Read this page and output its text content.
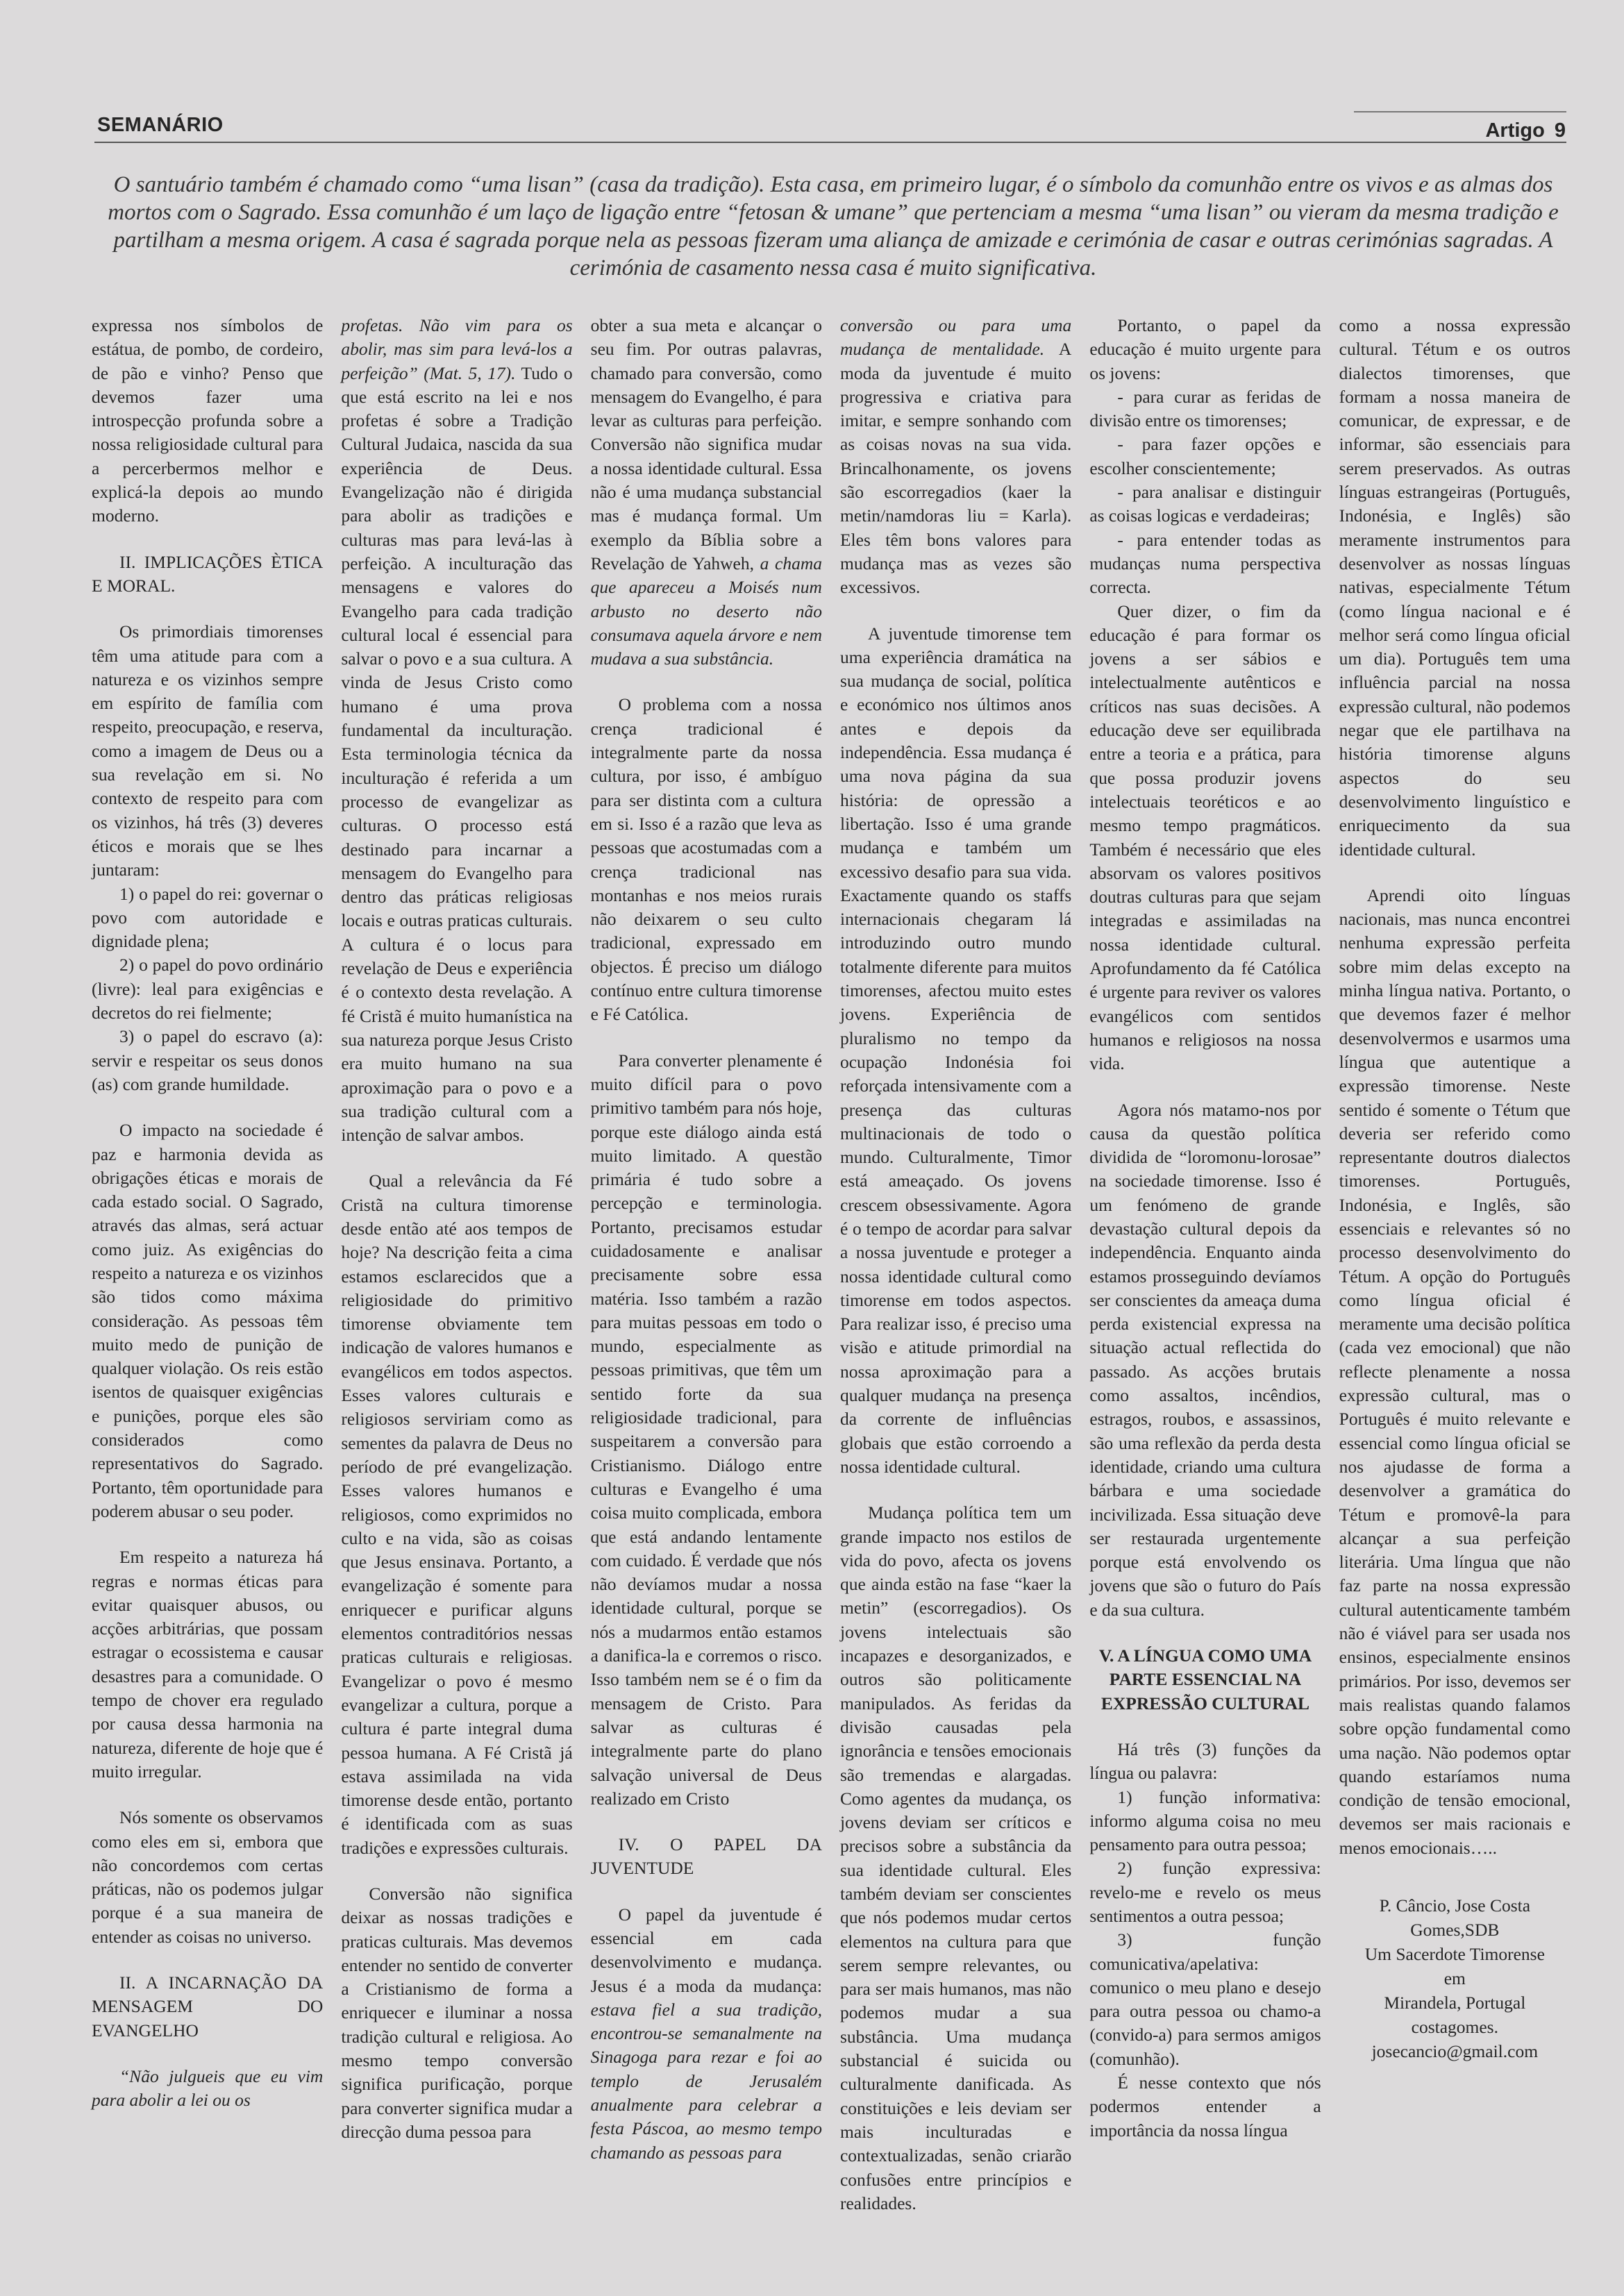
SEMANÁRIO	Artigo 9
O santuário também é chamado como “uma lisan” (casa da tradição). Esta casa, em primeiro lugar, é o símbolo da comunhão entre os vivos e as almas dos mortos com o Sagrado. Essa comunhão é um laço de ligação entre “fetosan & umane” que pertenciam a mesma “uma lisan” ou vieram da mesma tradição e partilham a mesma origem. A casa é sagrada porque nela as pessoas fizeram uma aliança de amizade e cerimónia de casar e outras cerimónias sagradas. A cerimónia de casamento nessa casa é muito significativa.

expressa nos símbolos de estátua, de pombo, de cordeiro, de pão e vinho? Penso que devemos fazer uma introspecção profunda sobre a nossa religiosidade cultural para a percerbermos melhor e explicá-la depois ao mundo moderno.

II. IMPLICAÇÕES ÈTICA E MORAL.

Os primordiais timorenses têm uma atitude para com a natureza e os vizinhos sempre em espírito de família com respeito, preocupação, e reserva, como a imagem de Deus ou a sua revelação em si. No contexto de respeito para com os vizinhos, há três (3) deveres éticos e morais que se lhes juntaram:

1) o papel do rei: governar o povo com autoridade e dignidade plena;

2) o papel do povo ordinário (livre): leal para exigências e decretos do rei fielmente;

3) o papel do escravo (a): servir e respeitar os seus donos (as) com grande humildade.

O impacto na sociedade é paz e harmonia devida as obrigações éticas e morais de cada estado social. O Sagrado, através das almas, será actuar como juiz. As exigências do respeito a natureza e os vizinhos são tidos como máxima consideração. As pessoas têm muito medo de punição de qualquer violação. Os reis estão isentos de quaisquer exigências e punições, porque eles são considerados como representativos do Sagrado. Portanto, têm oportunidade para poderem abusar o seu poder.

Em respeito a natureza há regras e normas éticas para evitar quaisquer abusos, ou acções arbitrárias, que possam estragar o ecossistema e causar desastres para a comunidade. O tempo de chover era regulado por causa dessa harmonia na natureza, diferente de hoje que é muito irregular.

Nós somente os observamos como eles em si, embora que não concordemos com certas práticas, não os podemos julgar porque é a sua maneira de entender as coisas no universo.

II. A INCARNAÇÃO DA MENSAGEM DO EVANGELHO

“Não julgueis que eu vim para abolir a lei ou os

profetas. Não vim para os abolir, mas sim para levá-los a perfeição” (Mat. 5, 17). Tudo o que está escrito na lei e nos profetas é sobre a Tradição Cultural Judaica, nascida da sua experiência de Deus. Evangelização não é dirigida para abolir as tradições e culturas mas para levá-las à perfeição. A inculturação das mensagens e valores do Evangelho para cada tradição cultural local é essencial para salvar o povo e a sua cultura. A vinda de Jesus Cristo como humano é uma prova fundamental da inculturação. Esta terminologia técnica da inculturação é referida a um processo de evangelizar as culturas. O processo está destinado para incarnar a mensagem do Evangelho para dentro das práticas religiosas locais e outras praticas culturais. A cultura é o locus para revelação de Deus e experiência é o contexto desta revelação. A fé Cristã é muito humanística na sua natureza porque Jesus Cristo era muito humano na sua aproximação para o povo e a sua tradição cultural com a intenção de salvar ambos.

Qual a relevância da Fé Cristã na cultura timorense desde então até aos tempos de hoje? Na descrição feita a cima estamos esclarecidos que a religiosidade do primitivo timorense obviamente tem indicação de valores humanos e evangélicos em todos aspectos. Esses valores culturais e religiosos serviriam como as sementes da palavra de Deus no período de pré evangelização. Esses valores humanos e religiosos, como exprimidos no culto e na vida, são as coisas que Jesus ensinava. Portanto, a evangelização é somente para enriquecer e purificar alguns elementos contraditórios nessas praticas culturais e religiosas. Evangelizar o povo é mesmo evangelizar a cultura, porque a cultura é parte integral duma pessoa humana. A Fé Cristã já estava assimilada na vida timorense desde então, portanto é identificada com as suas tradições e expressões culturais.

Conversão não significa deixar as nossas tradições e praticas culturais. Mas devemos entender no sentido de converter a Cristianismo de forma a enriquecer e iluminar a nossa tradição cultural e religiosa. Ao mesmo tempo conversão significa purificação, porque para converter significa mudar a direcção duma pessoa para

obter a sua meta e alcançar o seu fim. Por outras palavras, chamado para conversão, como mensagem do Evangelho, é para levar as culturas para perfeição. Conversão não significa mudar a nossa identidade cultural. Essa não é uma mudança substancial mas é mudança formal. Um exemplo da Bíblia sobre a Revelação de Yahweh, a chama que apareceu a Moisés num arbusto no deserto não consumava aquela árvore e nem mudava a sua substância.

O problema com a nossa crença tradicional é integralmente parte da nossa cultura, por isso, é ambíguo para ser distinta com a cultura em si. Isso é a razão que leva as pessoas que acostumadas com a crença tradicional nas montanhas e nos meios rurais não deixarem o seu culto tradicional, expressado em objectos. É preciso um diálogo contínuo entre cultura timorense e Fé Católica.

Para converter plenamente é muito difícil para o povo primitivo também para nós hoje, porque este diálogo ainda está muito limitado. A questão primária é tudo sobre a percepção e terminologia. Portanto, precisamos estudar cuidadosamente e analisar precisamente sobre essa matéria. Isso também a razão para muitas pessoas em todo o mundo, especialmente as pessoas primitivas, que têm um sentido forte da sua religiosidade tradicional, para suspeitarem a conversão para Cristianismo. Diálogo entre culturas e Evangelho é uma coisa muito complicada, embora que está andando lentamente com cuidado. É verdade que nós não devíamos mudar a nossa identidade cultural, porque se nós a mudarmos então estamos a danifica-la e corremos o risco. Isso também nem se é o fim da mensagem de Cristo. Para salvar as culturas é integralmente parte do plano salvação universal de Deus realizado em Cristo

IV. O PAPEL DA JUVENTUDE

O papel da juventude é essencial em cada desenvolvimento e mudança. Jesus é a moda da mudança: estava fiel a sua tradição, encontrou-se semanalmente na Sinagoga para rezar e foi ao templo de Jerusalém anualmente para celebrar a festa Páscoa, ao mesmo tempo chamando as pessoas para

conversão ou para uma mudança de mentalidade. A moda da juventude é muito progressiva e criativa para imitar, e sempre sonhando com as coisas novas na sua vida. Brincalhonamente, os jovens são escorregadios (kaer la metin/namdoras liu = Karla). Eles têm bons valores para mudança mas as vezes são excessivos.

A juventude timorense tem uma experiência dramática na sua mudança de social, política e económico nos últimos anos antes e depois da independência. Essa mudança é uma nova página da sua história: de opressão a libertação. Isso é uma grande mudança e também um excessivo desafio para sua vida. Exactamente quando os staffs internacionais chegaram lá introduzindo outro mundo totalmente diferente para muitos timorenses, afectou muito estes jovens. Experiência de pluralismo no tempo da ocupação Indonésia foi reforçada intensivamente com a presença das culturas multinacionais de todo o mundo. Culturalmente, Timor está ameaçado. Os jovens crescem obsessivamente. Agora é o tempo de acordar para salvar a nossa juventude e proteger a nossa identidade cultural como timorense em todos aspectos. Para realizar isso, é preciso uma visão e atitude primordial na nossa aproximação para a qualquer mudança na presença da corrente de influências globais que estão corroendo a nossa identidade cultural.

Mudança política tem um grande impacto nos estilos de vida do povo, afecta os jovens que ainda estão na fase “kaer la metin” (escorregadios). Os jovens intelectuais são incapazes e desorganizados, e outros são politicamente manipulados. As feridas da divisão causadas pela ignorância e tensões emocionais são tremendas e alargadas. Como agentes da mudança, os jovens deviam ser críticos e precisos sobre a substância da sua identidade cultural. Eles também deviam ser conscientes que nós podemos mudar certos elementos na cultura para que serem sempre relevantes, ou para ser mais humanos, mas não podemos mudar a sua substância. Uma mudança substancial é suicida ou culturalmente danificada. As constituições e leis deviam ser mais inculturadas e contextualizadas, senão criarão confusões entre princípios e realidades.

Portanto, o papel da educação é muito urgente para os jovens:

- para curar as feridas de divisão entre os timorenses;

- para fazer opções e escolher conscientemente;

- para analisar e distinguir as coisas logicas e verdadeiras;

- para entender todas as mudanças numa perspectiva correcta.

Quer dizer, o fim da educação é para formar os jovens a ser sábios e intelectualmente autênticos e críticos nas suas decisões. A educação deve ser equilibrada entre a teoria e a prática, para que possa produzir jovens intelectuais teoréticos e ao mesmo tempo pragmáticos. Também é necessário que eles absorvam os valores positivos doutras culturas para que sejam integradas e assimiladas na nossa identidade cultural. Aprofundamento da fé Católica é urgente para reviver os valores evangélicos com sentidos humanos e religiosos na nossa vida.

Agora nós matamo-nos por causa da questão política dividida de “loromonu-lorosae” na sociedade timorense. Isso é um fenómeno de grande devastação cultural depois da independência. Enquanto ainda estamos prosseguindo devíamos ser conscientes da ameaça duma perda existencial expressa na situação actual reflectida do passado. As acções brutais como assaltos, incêndios, estragos, roubos, e assassinos, são uma reflexão da perda desta identidade, criando uma cultura bárbara e uma sociedade incivilizada. Essa situação deve ser restaurada urgentemente porque está envolvendo os jovens que são o futuro do País e da sua cultura.

V. A LÍNGUA COMO UMA PARTE ESSENCIAL NA EXPRESSÃO CULTURAL

Há três (3) funções da língua ou palavra:

1) função informativa: informo alguma coisa no meu pensamento para outra pessoa;

2) função expressiva: revelo-me e revelo os meus sentimentos a outra pessoa;

3) função comunicativa/apelativa: comunico o meu plano e desejo para outra pessoa ou chamo-a (convido-a) para sermos amigos (comunhão).

É nesse contexto que nós podermos entender a importância da nossa língua

como a nossa expressão cultural. Tétum e os outros dialectos timorenses, que formam a nossa maneira de comunicar, de expressar, e de informar, são essenciais para serem preservados. As outras línguas estrangeiras (Português, Indonésia, e Inglês) são meramente instrumentos para desenvolver as nossas línguas nativas, especialmente Tétum (como língua nacional e é melhor será como língua oficial um dia). Português tem uma influência parcial na nossa expressão cultural, não podemos negar que ele partilhava na história timorense alguns aspectos do seu desenvolvimento linguístico e enriquecimento da sua identidade cultural.

Aprendi oito línguas nacionais, mas nunca encontrei nenhuma expressão perfeita sobre mim delas excepto na minha língua nativa. Portanto, o que devemos fazer é melhor desenvolvermos e usarmos uma língua que autentique a expressão timorense. Neste sentido é somente o Tétum que deveria ser referido como representante doutros dialectos timorenses. Português, Indonésia, e Inglês, são essenciais e relevantes só no processo desenvolvimento do Tétum. A opção do Português como língua oficial é meramente uma decisão política (cada vez emocional) que não reflecte plenamente a nossa expressão cultural, mas o Português é muito relevante e essencial como língua oficial se nos ajudasse de forma a desenvolver a gramática do Tétum e promovê-la para alcançar a sua perfeição literária. Uma língua que não faz parte na nossa expressão cultural autenticamente também não é viável para ser usada nos ensinos, especialmente ensinos primários. Por isso, devemos ser mais realistas quando falamos sobre opção fundamental como uma nação. Não podemos optar quando estaríamos numa condição de tensão emocional, devemos ser mais racionais e menos emocionais…..

P. Câncio, Jose Costa Gomes,SDB
Um Sacerdote Timorense
em
Mirandela, Portugal
costagomes.
josecancio@gmail.com
